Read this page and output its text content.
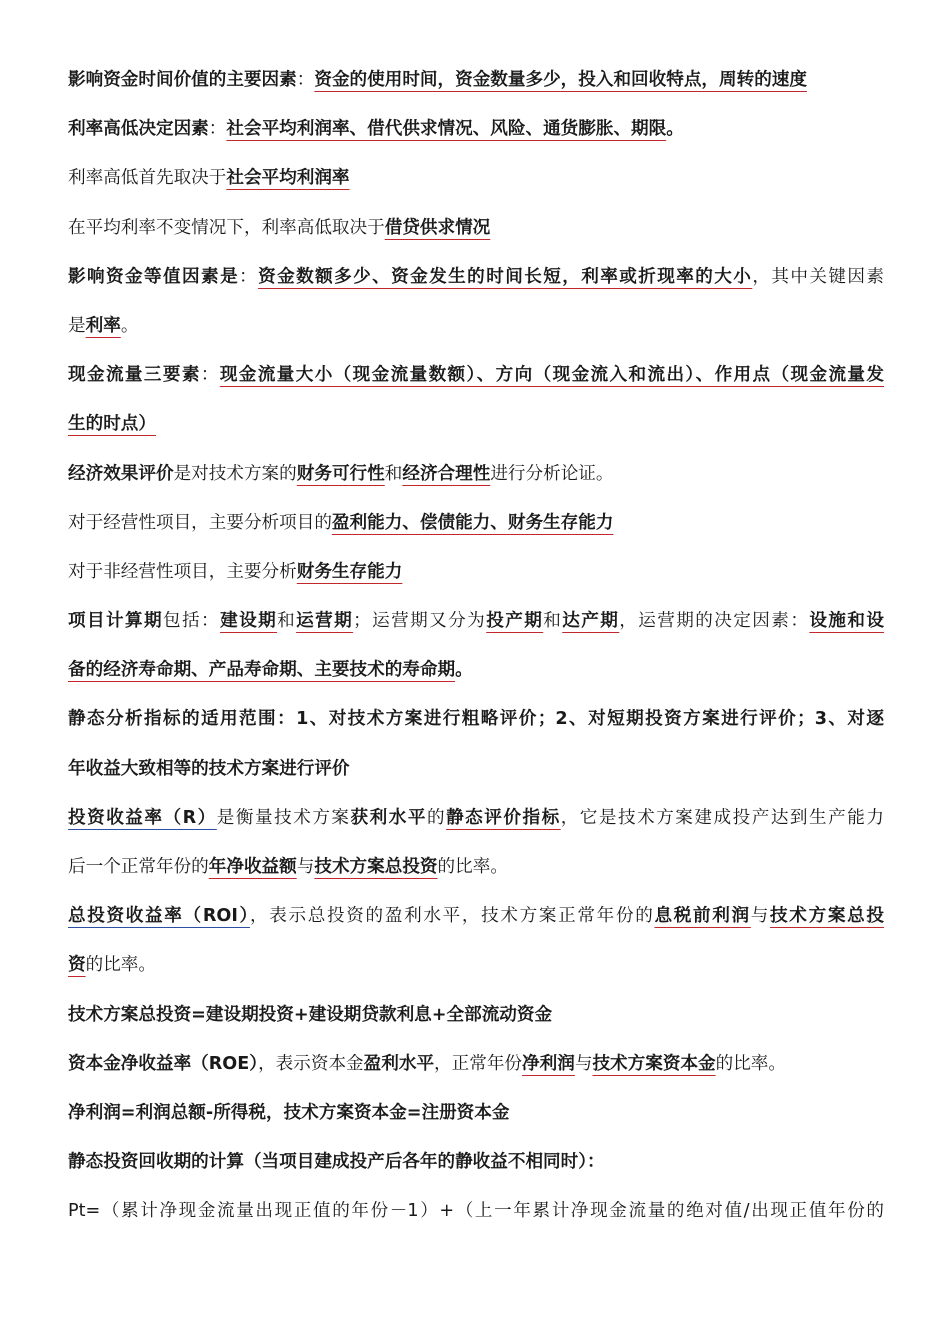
影响资金时间价值的主要因素：资金的使用时间，资金数量多少，投入和回收特点，周转的速度
利率高低决定因素：社会平均利润率、借代供求情况、风险、通货膨胀、期限。
利率高低首先取决于社会平均利润率
在平均利率不变情况下，利率高低取决于借贷供求情况
影响资金等值因素是：资金数额多少、资金发生的时间长短，利率或折现率的大小，其中关键因素
是利率。
现金流量三要素：现金流量大小（现金流量数额）、方向（现金流入和流出）、作用点（现金流量发
生的时点）
经济效果评价是对技术方案的财务可行性和经济合理性进行分析论证。
对于经营性项目，主要分析项目的盈利能力、偿债能力、财务生存能力
对于非经营性项目，主要分析财务生存能力
项目计算期包括：建设期和运营期；运营期又分为投产期和达产期，运营期的决定因素：设施和设
备的经济寿命期、产品寿命期、主要技术的寿命期。
静态分析指标的适用范围：1、对技术方案进行粗略评价；2、对短期投资方案进行评价；3、对逐
年收益大致相等的技术方案进行评价
投资收益率（R）是衡量技术方案获利水平的静态评价指标，它是技术方案建成投产达到生产能力
后一个正常年份的年净收益额与技术方案总投资的比率。
总投资收益率（ROI），表示总投资的盈利水平，技术方案正常年份的息税前利润与技术方案总投
资的比率。
技术方案总投资=建设期投资+建设期贷款利息+全部流动资金
资本金净收益率（ROE），表示资本金盈利水平，正常年份净利润与技术方案资本金的比率。
净利润=利润总额-所得税，技术方案资本金=注册资本金
静态投资回收期的计算（当项目建成投产后各年的静收益不相同时）：
Pt=（累计净现金流量出现正值的年份－1）+（上一年累计净现金流量的绝对值/出现正值年份的
